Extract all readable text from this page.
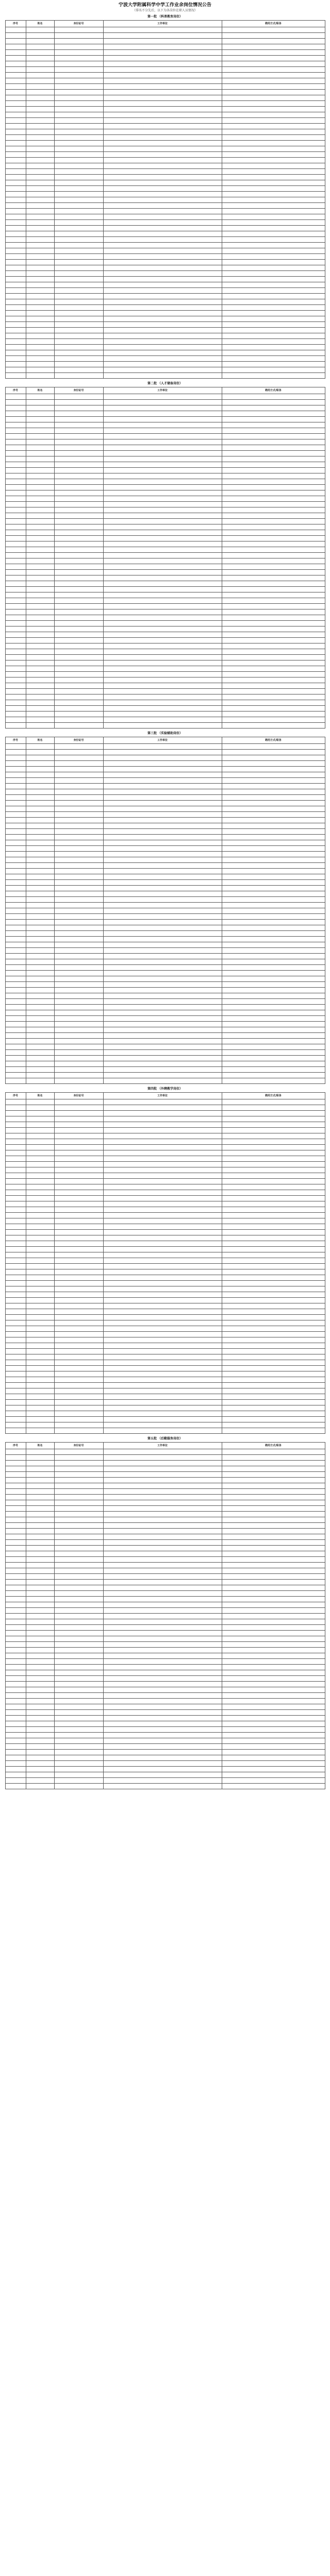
宁波大学附属科学中学工作业余岗位情况公告

（排名不分先后，以下为各岗位在职人员情况）

第一批 （科普教育岗位）
序号	姓名	身份证号	工作单位	聘用方式/职务

第二批 （人才储备岗位）
序号	姓名	身份证号	工作单位	聘用方式/职务

第三批 （实验辅助岗位）
序号	姓名	身份证号	工作单位	聘用方式/职务

第四批 （外聘教学岗位）
序号	姓名	身份证号	工作单位	聘用方式/职务

第五批 （后勤服务岗位）
序号	姓名	身份证号	工作单位	聘用方式/职务
